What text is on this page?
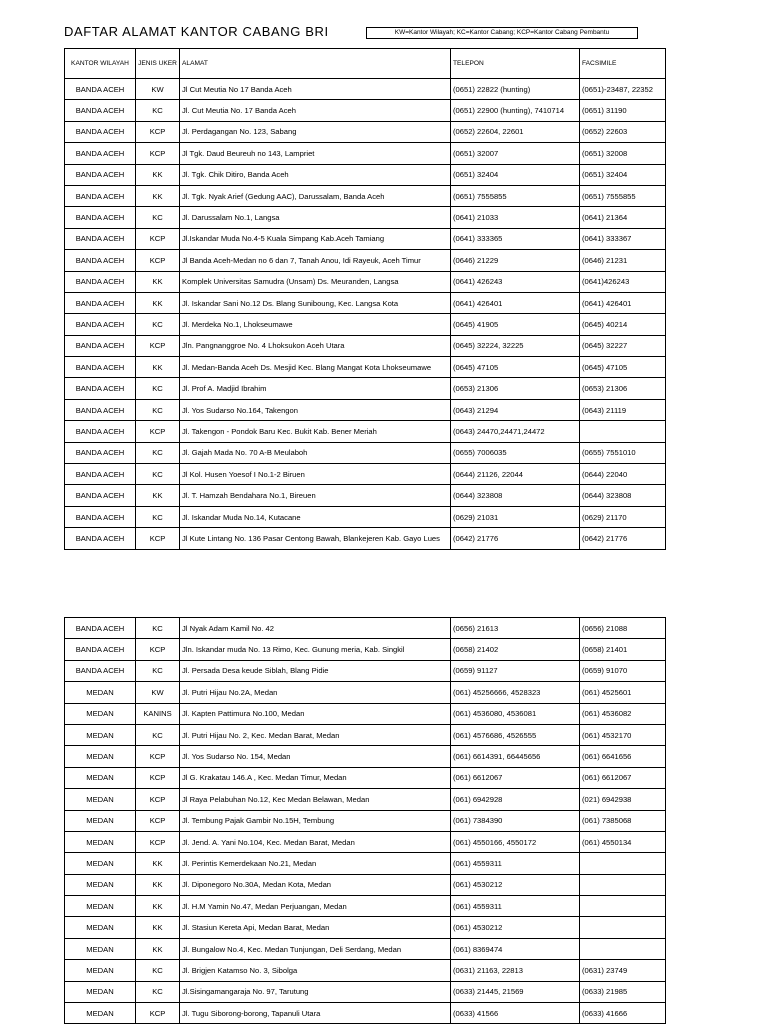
DAFTAR ALAMAT KANTOR CABANG BRI	KW=Kantor Wilayah; KC=Kantor Cabang; KCP=Kantor Cabang Pembantu
KANTOR WILAYAH	JENIS UKER	ALAMAT	TELEPON	FACSIMILE
BANDA ACEH	KW	Jl Cut Meutia No 17 Banda Aceh	(0651) 22822 (hunting)	(0651)-23487, 22352
BANDA ACEH	KC	Jl. Cut Meutia No. 17 Banda Aceh	(0651) 22900 (hunting), 7410714	(0651) 31190
BANDA ACEH	KCP	Jl. Perdagangan No. 123, Sabang	(0652) 22604, 22601	(0652) 22603
BANDA ACEH	KCP	Jl Tgk. Daud Beureuh no 143, Lampriet	(0651) 32007	(0651) 32008
BANDA ACEH	KK	Jl. Tgk. Chik Ditiro, Banda Aceh	(0651) 32404	(0651) 32404
BANDA ACEH	KK	Jl. Tgk. Nyak Arief (Gedung AAC), Darussalam, Banda Aceh	(0651) 7555855	(0651) 7555855
BANDA ACEH	KC	Jl. Darussalam No.1, Langsa	(0641) 21033	(0641) 21364
BANDA ACEH	KCP	Jl.Iskandar Muda No.4-5 Kuala Simpang Kab.Aceh Tamiang	(0641) 333365	(0641) 333367
BANDA ACEH	KCP	Jl Banda Aceh-Medan no 6 dan 7, Tanah Anou, Idi Rayeuk, Aceh Timur	(0646) 21229	(0646) 21231
BANDA ACEH	KK	Komplek Universitas Samudra (Unsam) Ds. Meuranden, Langsa	(0641) 426243	(0641)426243
BANDA ACEH	KK	Jl. Iskandar Sani No.12 Ds. Blang Suniboung, Kec. Langsa Kota	(0641) 426401	(0641) 426401
BANDA ACEH	KC	Jl. Merdeka No.1, Lhokseumawe	(0645) 41905	(0645) 40214
BANDA ACEH	KCP	Jln. Pangnanggroe No. 4 Lhoksukon Aceh Utara	(0645) 32224, 32225	(0645) 32227
BANDA ACEH	KK	Jl. Medan-Banda Aceh Ds. Mesjid Kec. Blang Mangat Kota Lhokseumawe	(0645) 47105	(0645) 47105
BANDA ACEH	KC	Jl. Prof A. Madjid Ibrahim	(0653) 21306	(0653) 21306
BANDA ACEH	KC	Jl. Yos Sudarso No.164, Takengon	(0643) 21294	(0643) 21119
BANDA ACEH	KCP	Jl. Takengon - Pondok Baru Kec. Bukit Kab. Bener Meriah	(0643) 24470,24471,24472	
BANDA ACEH	KC	Jl. Gajah Mada No. 70 A-B Meulaboh	(0655) 7006035	(0655) 7551010
BANDA ACEH	KC	Jl Kol. Husen Yoesof I No.1-2 Biruen	(0644) 21126, 22044	(0644) 22040
BANDA ACEH	KK	Jl. T. Hamzah Bendahara No.1, Bireuen	(0644) 323808	(0644) 323808
BANDA ACEH	KC	Jl. Iskandar Muda No.14, Kutacane	(0629) 21031	(0629) 21170
BANDA ACEH	KCP	Jl Kute Lintang No. 136 Pasar Centong Bawah, Blankejeren Kab. Gayo Lues	(0642) 21776	(0642) 21776
BANDA ACEH	KC	Jl Nyak Adam Kamil No. 42	(0656) 21613	(0656) 21088
BANDA ACEH	KCP	Jln. Iskandar muda No. 13 Rimo, Kec. Gunung meria, Kab. Singkil	(0658) 21402	(0658) 21401
BANDA ACEH	KC	Jl. Persada Desa keude Siblah, Blang Pidie	(0659) 91127	(0659) 91070
MEDAN	KW	Jl. Putri Hijau No.2A, Medan	(061) 45256666, 4528323	(061) 4525601
MEDAN	KANINS	Jl. Kapten Pattimura No.100, Medan	(061) 4536080, 4536081	(061) 4536082
MEDAN	KC	Jl. Putri Hijau No. 2, Kec. Medan Barat, Medan	(061) 4576686, 4526555	(061) 4532170
MEDAN	KCP	Jl. Yos Sudarso No. 154, Medan	(061) 6614391, 66445656	(061) 6641656
MEDAN	KCP	Jl G. Krakatau 146.A , Kec. Medan Timur, Medan	(061) 6612067	(061) 6612067
MEDAN	KCP	Jl Raya Pelabuhan No.12, Kec Medan Belawan, Medan	(061) 6942928	(021) 6942938
MEDAN	KCP	Jl. Tembung Pajak Gambir No.15H, Tembung	(061) 7384390	(061) 7385068
MEDAN	KCP	Jl. Jend. A. Yani No.104, Kec. Medan Barat, Medan	(061) 4550166, 4550172	(061) 4550134
MEDAN	KK	Jl. Perintis Kemerdekaan No.21, Medan	(061) 4559311	
MEDAN	KK	Jl. Diponegoro No.30A, Medan Kota, Medan	(061) 4530212	
MEDAN	KK	Jl. H.M Yamin No.47, Medan Perjuangan, Medan	(061) 4559311	
MEDAN	KK	Jl. Stasiun Kereta Api, Medan Barat, Medan	(061) 4530212	
MEDAN	KK	Jl. Bungalow No.4, Kec. Medan Tunjungan, Deli Serdang, Medan	(061) 8369474	
MEDAN	KC	Jl. Brigjen Katamso No. 3, Sibolga	(0631) 21163, 22813	(0631) 23749
MEDAN	KC	Jl.Sisingamangaraja No. 97, Tarutung	(0633) 21445, 21569	(0633) 21985
MEDAN	KCP	Jl. Tugu Siborong-borong, Tapanuli Utara	(0633) 41566	(0633) 41666
